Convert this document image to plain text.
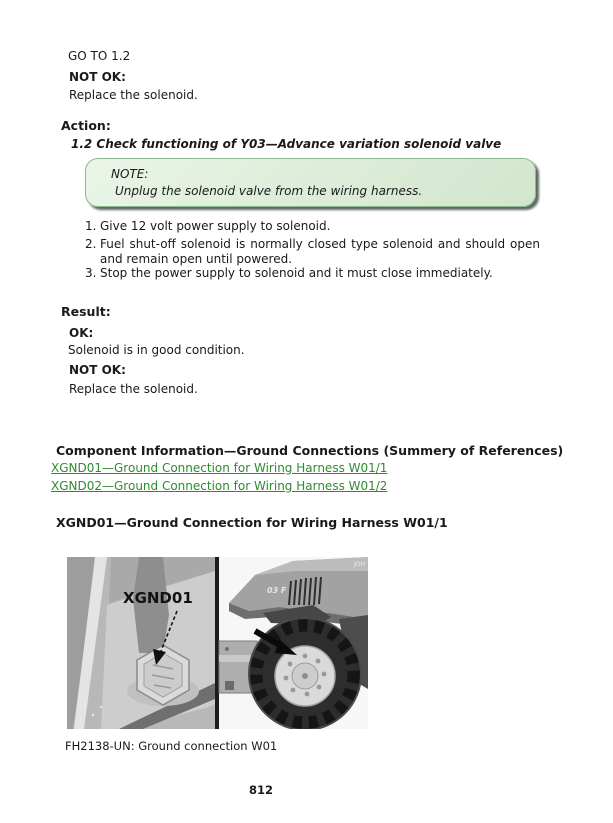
GO TO 1.2
NOT OK:
Replace the solenoid.
Action:
1.2 Check functioning of Y03—Advance variation solenoid valve
NOTE:
Unplug the solenoid valve from the wiring harness.
1. Give 12 volt power supply to solenoid.
2. Fuel shut-off solenoid is normally closed type solenoid and should open and remain open until powered.
3. Stop the power supply to solenoid and it must close immediately.
Result:
OK:
Solenoid is in good condition.
NOT OK:
Replace the solenoid.
Component Information—Ground Connections (Summery of References)
XGND01—Ground Connection for Wiring Harness W01/1
XGND02—Ground Connection for Wiring Harness W01/2
XGND01—Ground Connection for Wiring Harness W01/1
XGND01	03 F
JOH
FH2138-UN: Ground connection W01
812
